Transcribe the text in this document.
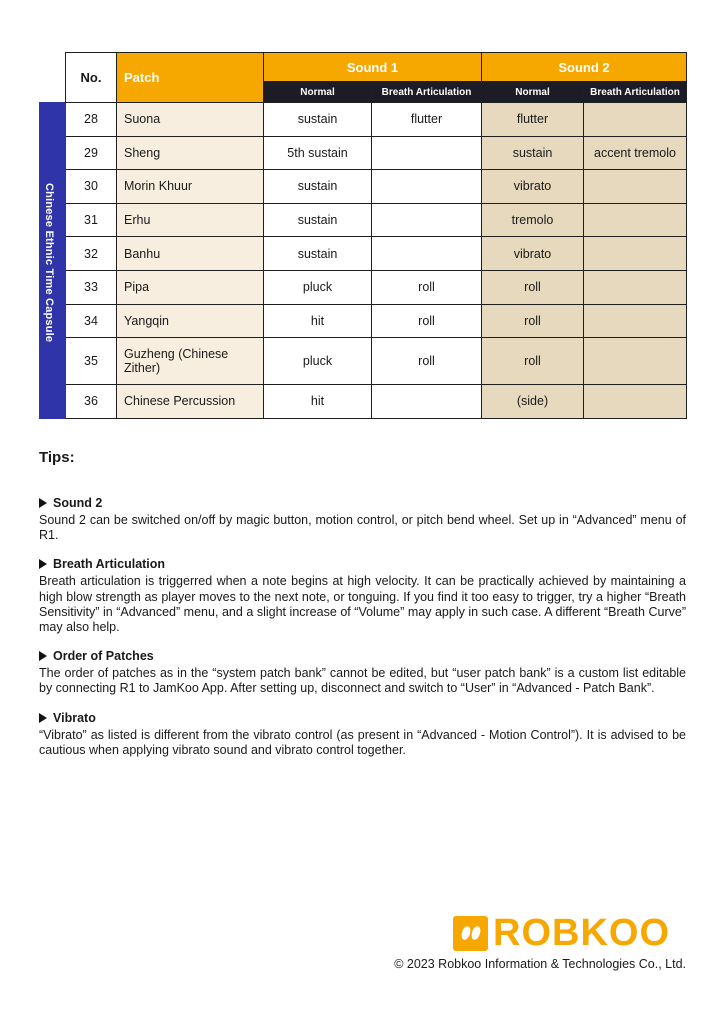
	No.	Patch	Sound 1		Sound 2	
			Normal	Breath Articulation	Normal	Breath Articulation

Chinese Ethnic Time Capsule	28	Suona	sustain	flutter	flutter	
	29	Sheng	5th sustain		sustain	accent tremolo
	30	Morin Khuur	sustain		vibrato	
	31	Erhu	sustain		tremolo	
	32	Banhu	sustain		vibrato	
	33	Pipa	pluck	roll	roll	
	34	Yangqin	hit	roll	roll	
	35	Guzheng (Chinese Zither)	pluck	roll	roll	
	36	Chinese Percussion	hit		(side)	
Tips:
Sound 2
Sound 2 can be switched on/off by magic button, motion control, or pitch bend wheel. Set up in “Advanced” menu of R1.
Breath Articulation
Breath articulation is triggerred when a note begins at high velocity. It can be practically achieved by maintaining a high blow strength as player moves to the next note, or tonguing. If you find it too easy to trigger, try a higher “Breath Sensitivity” in “Advanced” menu, and a slight increase of “Volume” may apply in such case. A different “Breath Curve” may also help.
Order of Patches
The order of patches as in the “system patch bank” cannot be edited, but “user patch bank” is a custom list editable by connecting R1 to JamKoo App. After setting up, disconnect and switch to “User” in “Advanced - Patch Bank”.
Vibrato
“Vibrato” as listed is different from the vibrato control (as present in “Advanced - Motion Control”). It is advised to be cautious when applying vibrato sound and vibrato control together.
ROBKOO
© 2023 Robkoo Information & Technologies Co., Ltd.
